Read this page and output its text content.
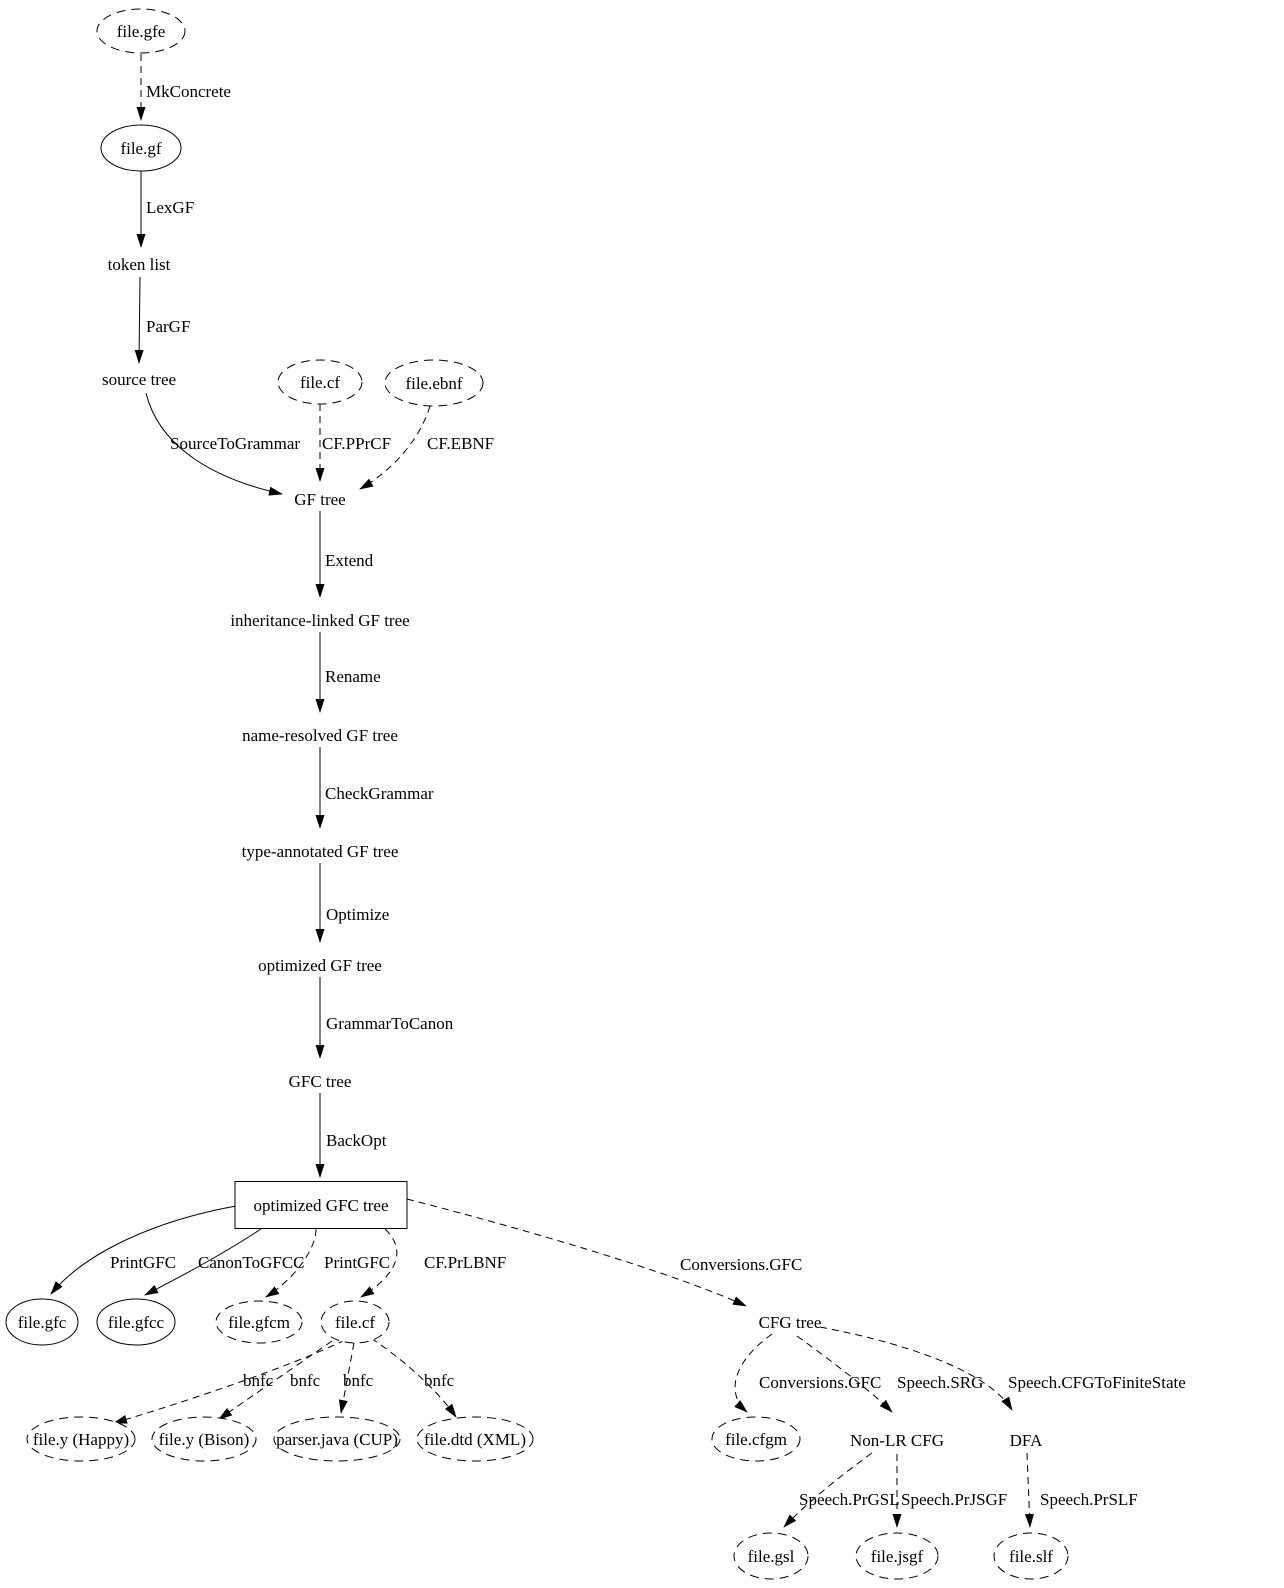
file.gfe
file.gf
token list
source tree	file.cf	file.ebnf
GF tree
inheritance-linked GF tree
name-resolved GF tree
type-annotated GF tree
optimized GF tree
GFC tree
optimized GFC tree
file.gfc file.gfcc	file.gfcm	file.cf	CFG tree
file.y (Happy) file.y (Bison) parser.java (CUP) file.dtd (XML)	file.cfgm	Non-LR CFG	DFA
file.gsl	file.jsgf	file.slf
MkConcrete
LexGF
ParGF
SourceToGrammar CF.PPrCF CF.EBNF
Extend
Rename
CheckGrammar
Optimize
GrammarToCanon
BackOpt
PrintGFC CanonToGFCC PrintGFC CF.PrLBNF	Conversions.GFC
bnfc bnfc bnfc	bnfc	Conversions.GFC Speech.SRG Speech.CFGToFiniteState
Speech.PrGSL Speech.PrJSGF Speech.PrSLF
